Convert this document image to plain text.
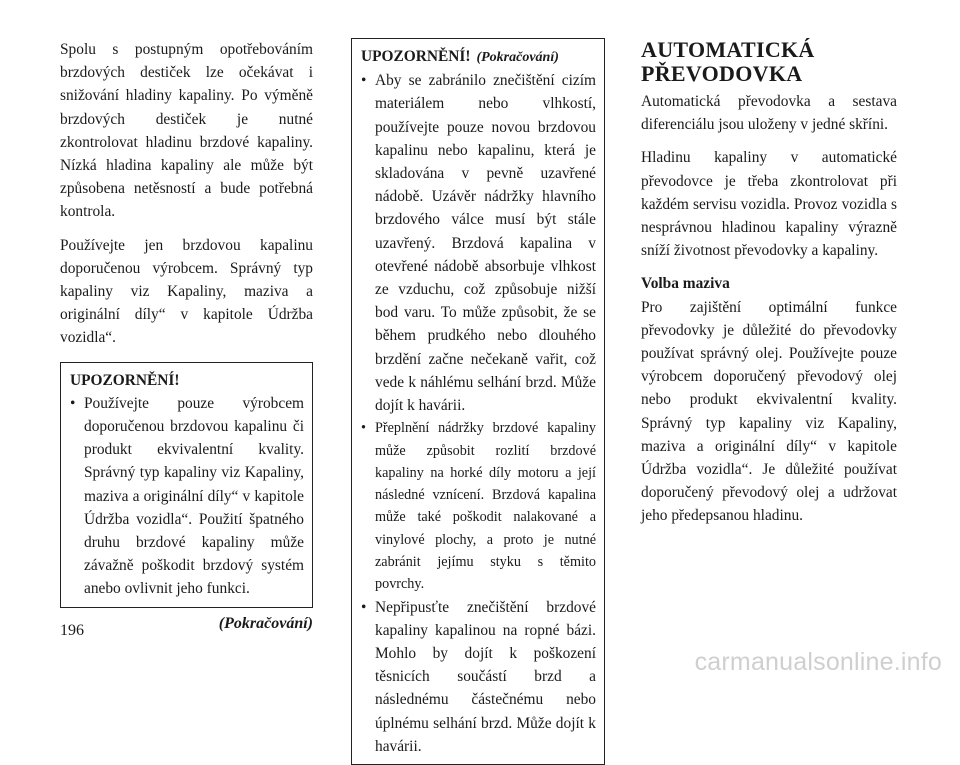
Spolu s postupným opotřebováním brzdových destiček lze očekávat i snižování hladiny kapaliny. Po výměně brzdových destiček je nutné zkontrolovat hladinu brzdové kapaliny. Nízká hladina kapaliny ale může být způsobena netěsností a bude potřebná kontrola.

Používejte jen brzdovou kapalinu doporučenou výrobcem. Správný typ kapaliny viz Kapaliny, maziva a originální díly“ v kapitole Údržba vozidla“.

UPOZORNĚNÍ!
• Používejte pouze výrobcem doporučenou brzdovou kapalinu či produkt ekvivalentní kvality. Správný typ kapaliny viz Kapaliny, maziva a originální díly“ v kapitole Údržba vozidla“. Použití špatného druhu brzdové kapaliny může závažně poškodit brzdový systém anebo ovlivnit jeho funkci.
(Pokračování)
UPOZORNĚNÍ! (Pokračování)
• Aby se zabránilo znečištění cizím materiálem nebo vlhkostí, používejte pouze novou brzdovou kapalinu nebo kapalinu, která je skladována v pevně uzavřené nádobě. Uzávěr nádržky hlavního brzdového válce musí být stále uzavřený. Brzdová kapalina v otevřené nádobě absorbuje vlhkost ze vzduchu, což způsobuje nižší bod varu. To může způsobit, že se během prudkého nebo dlouhého brzdění začne nečekaně vařit, což vede k náhlému selhání brzd. Může dojít k havárii.
• Přeplnění nádržky brzdové kapaliny může způsobit rozlití brzdové kapaliny na horké díly motoru a její následné vznícení. Brzdová kapalina může také poškodit nalakované a vinylové plochy, a proto je nutné zabránit jejímu styku s těmito povrchy.
• Nepřipusťte znečištění brzdové kapaliny kapalinou na ropné bázi. Mohlo by dojít k poškození těsnicích součástí brzd a následnému částečnému nebo úplnému selhání brzd. Může dojít k havárii.
AUTOMATICKÁ PŘEVODOVKA

Automatická převodovka a sestava diferenciálu jsou uloženy v jedné skříni.

Hladinu kapaliny v automatické převodovce je třeba zkontrolovat při každém servisu vozidla. Provoz vozidla s nesprávnou hladinou kapaliny výrazně sníží životnost převodovky a kapaliny.

Volba maziva

Pro zajištění optimální funkce převodovky je důležité do převodovky používat správný olej. Používejte pouze výrobcem doporučený převodový olej nebo produkt ekvivalentní kvality. Správný typ kapaliny viz Kapaliny, maziva a originální díly“ v kapitole Údržba vozidla“. Je důležité používat doporučený převodový olej a udržovat jeho předepsanou hladinu.

196
carmanualsonline.info
